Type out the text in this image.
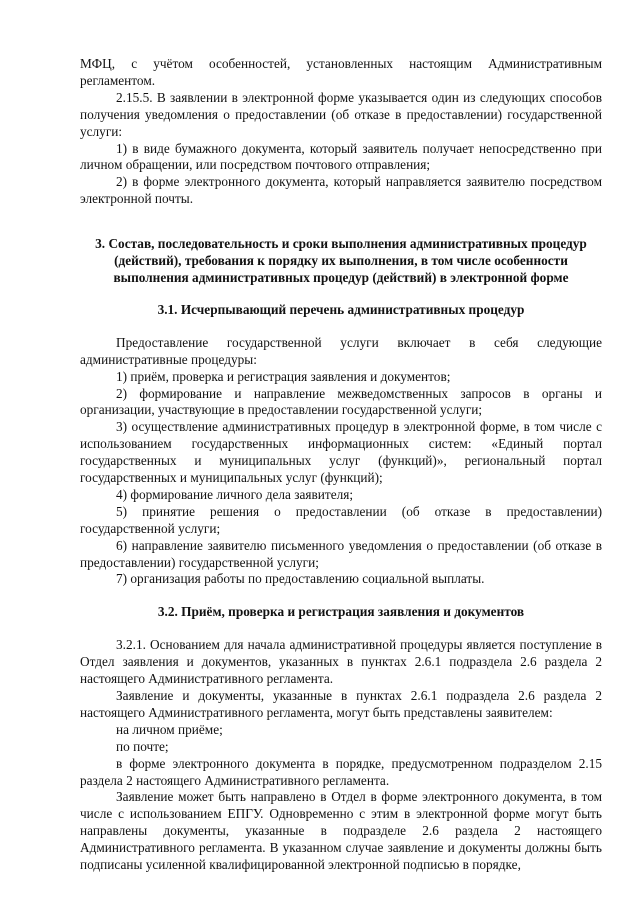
МФЦ, с учётом особенностей, установленных настоящим Административным регламентом.

2.15.5. В заявлении в электронной форме указывается один из следующих способов получения уведомления о предоставлении (об отказе в предоставлении) государственной услуги:

1) в виде бумажного документа, который заявитель получает непосредственно при личном обращении, или посредством почтового отправления;

2) в форме электронного документа, который направляется заявителю посредством электронной почты.

3. Состав, последовательность и сроки выполнения административных процедур (действий), требования к порядку их выполнения, в том числе особенности выполнения административных процедур (действий) в электронной форме

3.1. Исчерпывающий перечень административных процедур

Предоставление государственной услуги включает в себя следующие административные процедуры:

1) приём, проверка и регистрация заявления и документов;

2) формирование и направление межведомственных запросов в органы и организации, участвующие в предоставлении государственной услуги;

3) осуществление административных процедур в электронной форме, в том числе с использованием государственных информационных систем: «Единый портал государственных и муниципальных услуг (функций)», региональный портал государственных и муниципальных услуг (функций);

4) формирование личного дела заявителя;

5) принятие решения о предоставлении (об отказе в предоставлении) государственной услуги;

6) направление заявителю письменного уведомления о предоставлении (об отказе в предоставлении) государственной услуги;

7) организация работы по предоставлению социальной выплаты.

3.2. Приём, проверка и регистрация заявления и документов

3.2.1. Основанием для начала административной процедуры является поступление в Отдел заявления и документов, указанных в пунктах 2.6.1 подраздела 2.6 раздела 2 настоящего Административного регламента.

Заявление и документы, указанные в пунктах 2.6.1 подраздела 2.6 раздела 2 настоящего Административного регламента, могут быть представлены заявителем:

на личном приёме;

по почте;

в форме электронного документа в порядке, предусмотренном подразделом 2.15 раздела 2 настоящего Административного регламента.

Заявление может быть направлено в Отдел в форме электронного документа, в том числе с использованием ЕПГУ. Одновременно с этим в электронной форме могут быть направлены документы, указанные в подразделе 2.6 раздела 2 настоящего Административного регламента. В указанном случае заявление и документы должны быть подписаны усиленной квалифицированной электронной подписью в порядке,
